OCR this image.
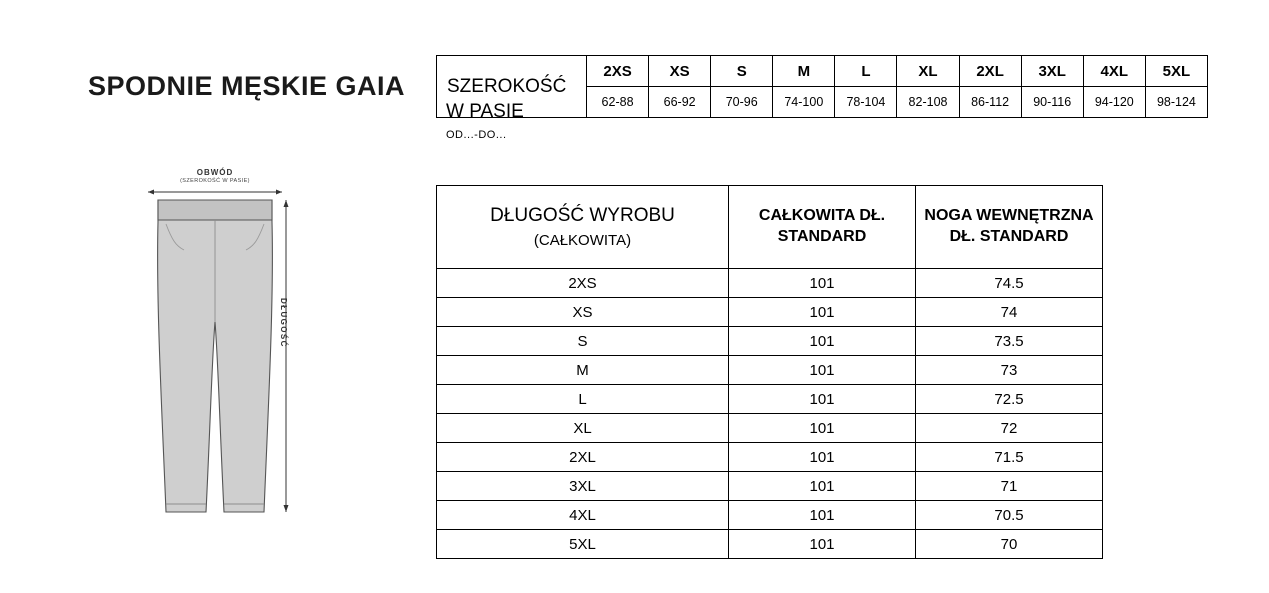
SPODNIE MĘSKIE GAIA
OBWÓD
(SZEROKOŚĆ W PASIE)
DŁUGOŚĆ
SZEROKOŚĆ	2XS	XS	S	M	L	XL	2XL	3XL	4XL	5XL
	62-88	66-92	70-96	74-100	78-104	82-108	86-112	90-116	94-120	98-124
W PASIE
OD...-DO...
DŁUGOŚĆ WYROBU
(CAŁKOWITA)	CAŁKOWITA DŁ. STANDARD	NOGA WEWNĘTRZNA DŁ. STANDARD
2XS	101	74.5
XS	101	74
S	101	73.5
M	101	73
L	101	72.5
XL	101	72
2XL	101	71.5
3XL	101	71
4XL	101	70.5
5XL	101	70
